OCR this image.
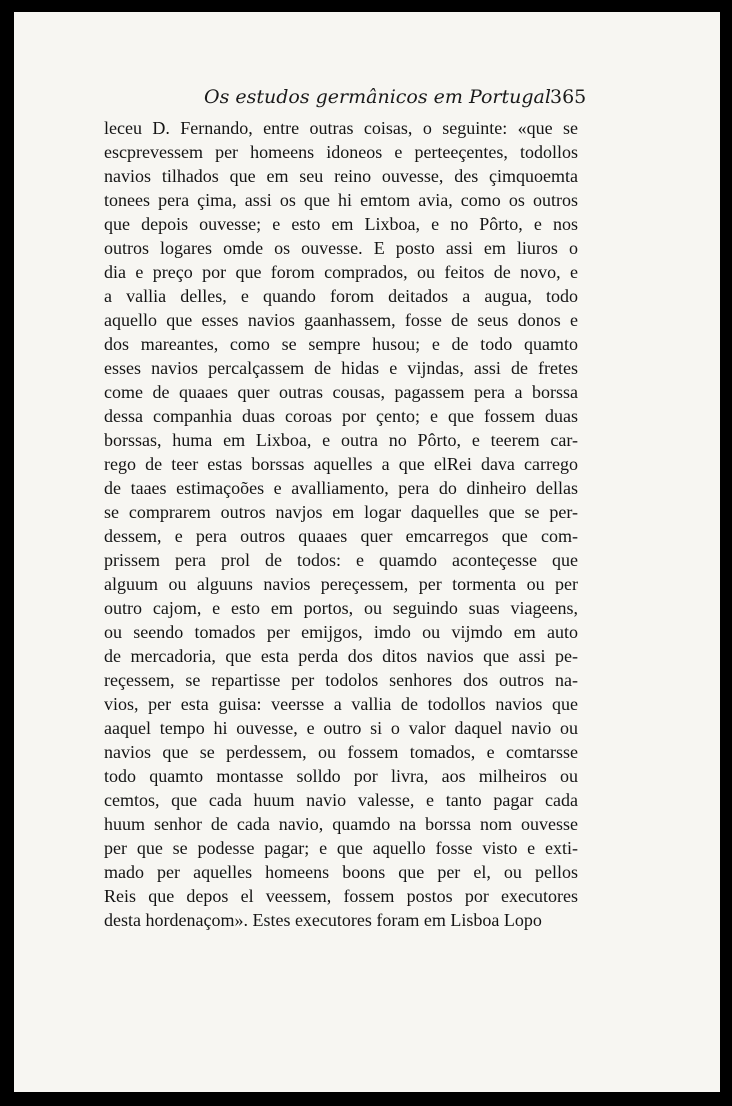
Os estudos germânicos em Portugal 365
leceu D. Fernando, entre outras coisas, o seguinte: «que se
escprevessem per homeens idoneos e perteeçentes, todollos
navios tilhados que em seu reino ouvesse, des çimquoemta
tonees pera çima, assi os que hi emtom avia, como os outros
que depois ouvesse; e esto em Lixboa, e no Pôrto, e nos
outros logares omde os ouvesse. E posto assi em liuros o
dia e preço por que forom comprados, ou feitos de novo, e
a vallia delles, e quando forom deitados a augua, todo
aquello que esses navios gaanhassem, fosse de seus donos e
dos mareantes, como se sempre husou; e de todo quamto
esses navios percalçassem de hidas e vijndas, assi de fretes
come de quaaes quer outras cousas, pagassem pera a borssa
dessa companhia duas coroas por çento; e que fossem duas
borssas, huma em Lixboa, e outra no Pôrto, e teerem car-
rego de teer estas borssas aquelles a que elRei dava carrego
de taaes estimaçoões e avalliamento, pera do dinheiro dellas
se comprarem outros navjos em logar daquelles que se per-
dessem, e pera outros quaaes quer emcarregos que com-
prissem pera prol de todos: e quamdo aconteçesse que
alguum ou alguuns navios pereçessem, per tormenta ou per
outro cajom, e esto em portos, ou seguindo suas viageens,
ou seendo tomados per emijgos, imdo ou vijmdo em auto
de mercadoria, que esta perda dos ditos navios que assi pe-
reçessem, se repartisse per todolos senhores dos outros na-
vios, per esta guisa: veersse a vallia de todollos navios que
aaquel tempo hi ouvesse, e outro si o valor daquel navio ou
navios que se perdessem, ou fossem tomados, e comtarsse
todo quamto montasse solldo por livra, aos milheiros ou
cemtos, que cada huum navio valesse, e tanto pagar cada
huum senhor de cada navio, quamdo na borssa nom ouvesse
per que se podesse pagar; e que aquello fosse visto e exti-
mado per aquelles homeens boons que per el, ou pellos
Reis que depos el veessem, fossem postos por executores
desta hordenaçom». Estes executores foram em Lisboa Lopo
